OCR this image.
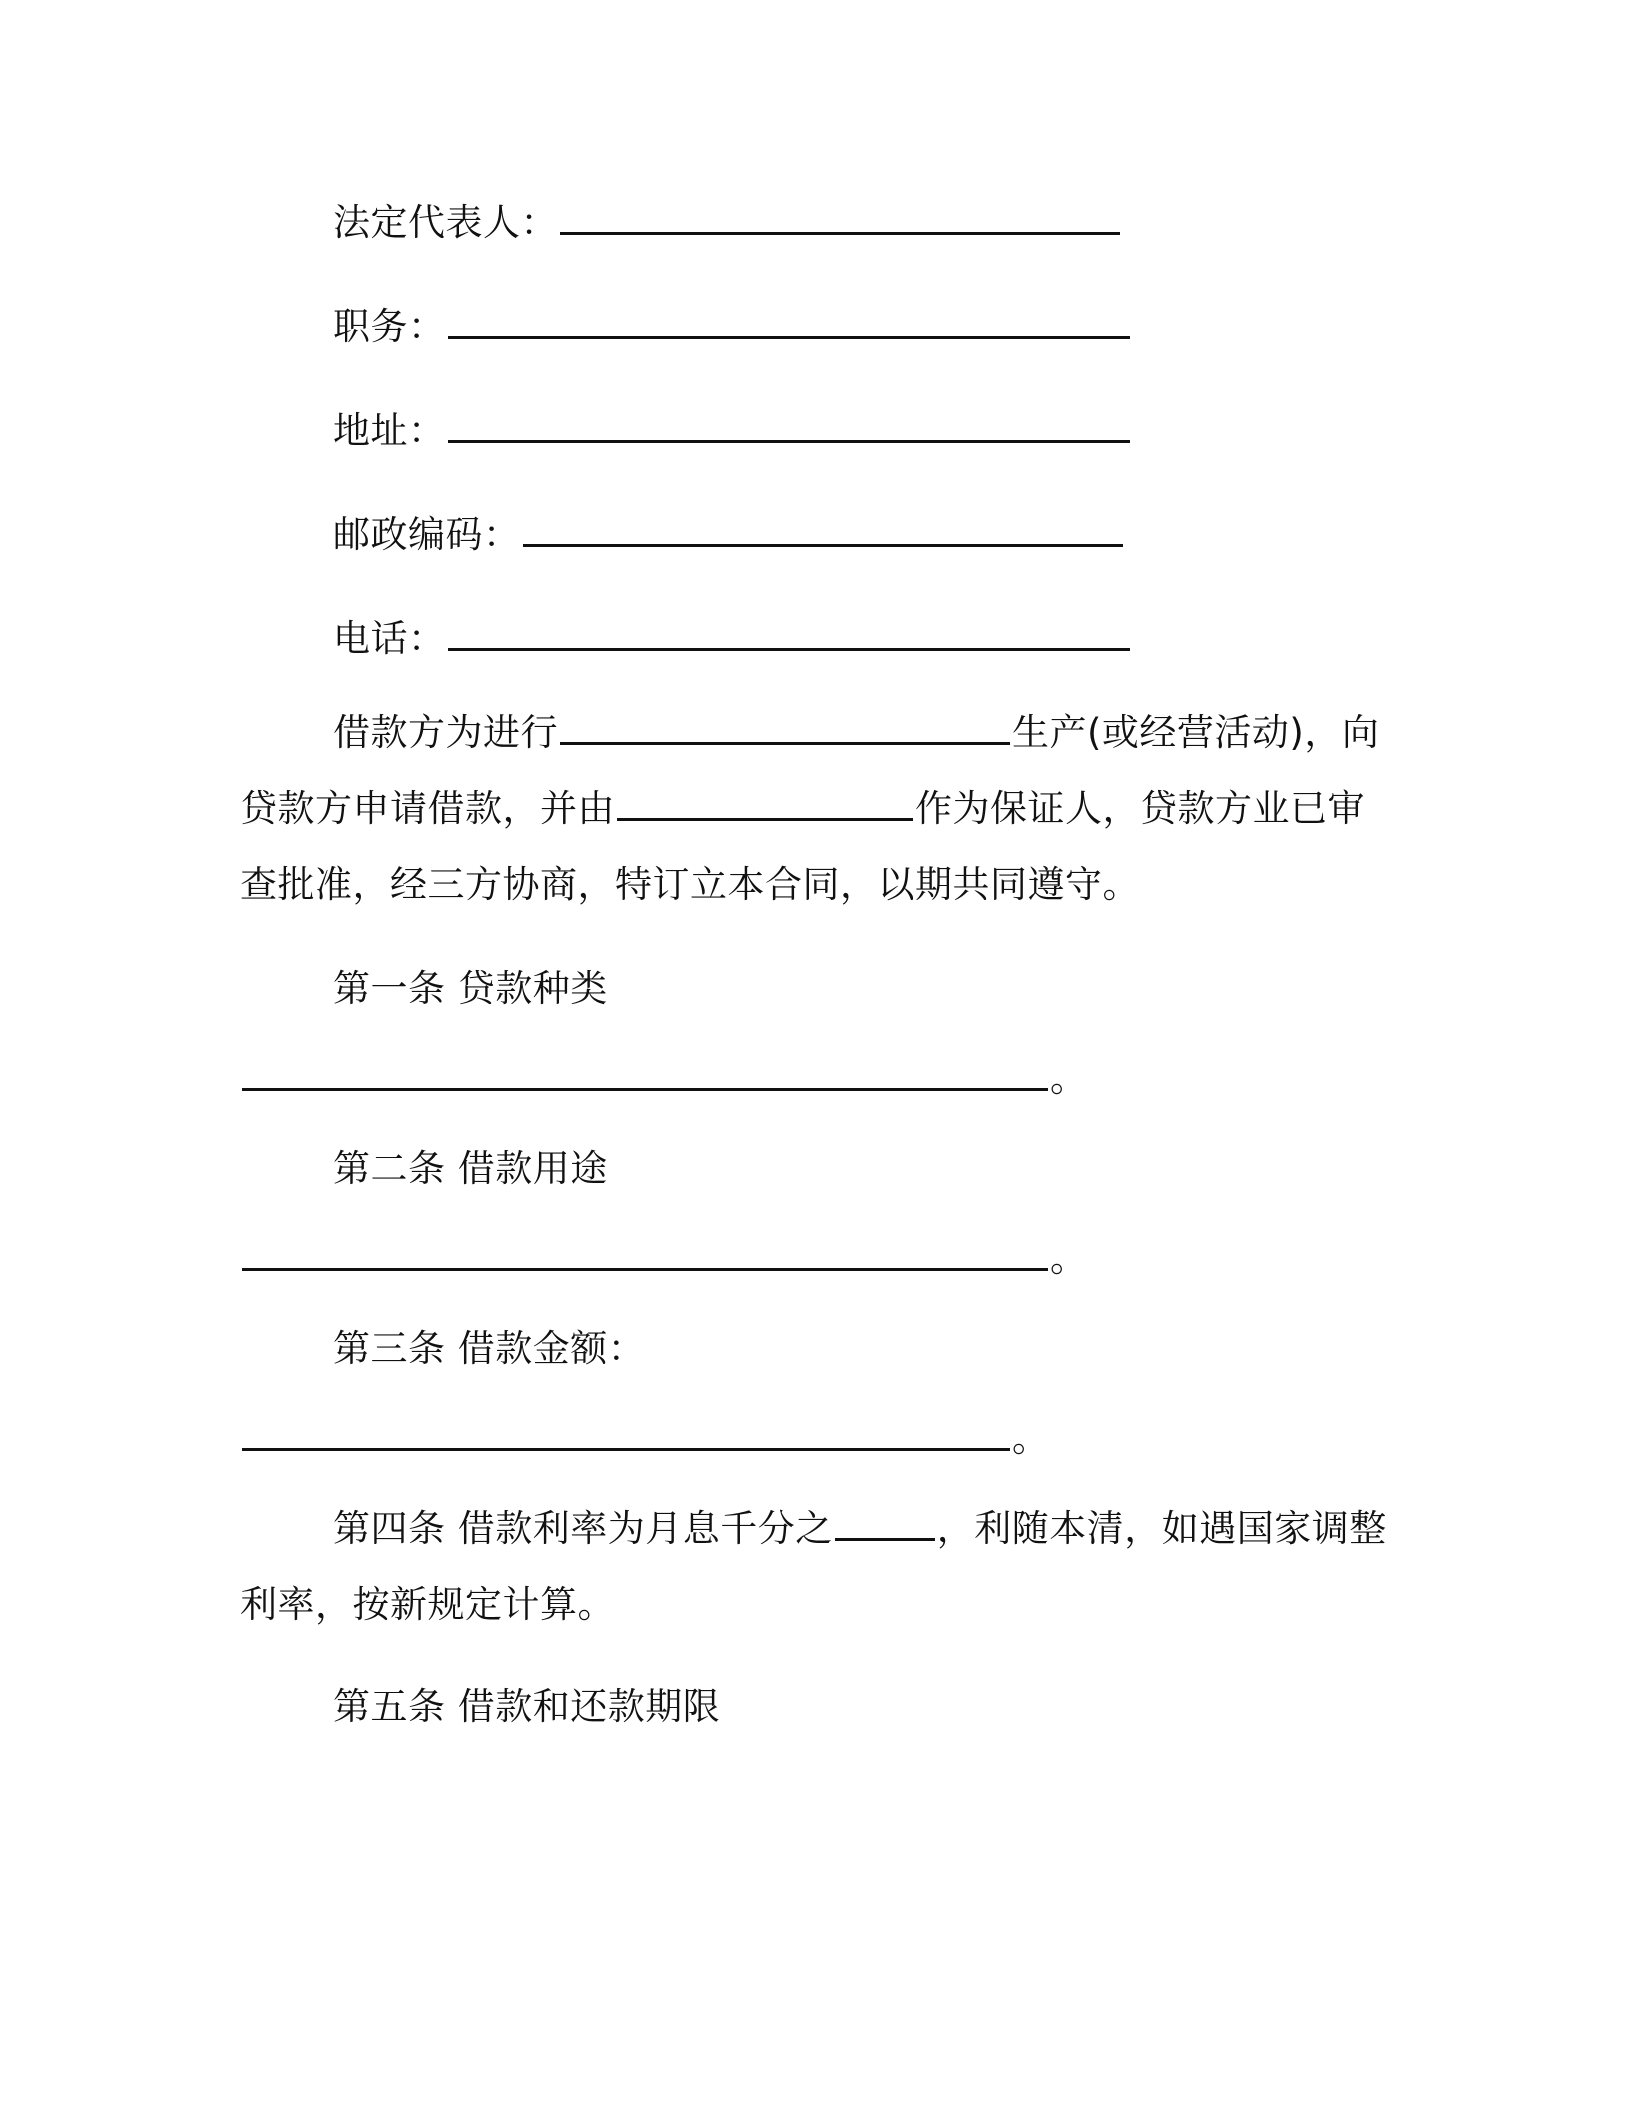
法定代表人：
职务：
地址：
邮政编码：
电话：
借款方为进行	生产(或经营活动)，向
贷款方申请借款，并由	作为保证人，贷款方业已审
查批准，经三方协商，特订立本合同，以期共同遵守。
第一条 贷款种类
。
第二条 借款用途
。
第三条 借款金额：
。
第四条 借款利率为月息千分之	，利随本清，如遇国家调整
利率，按新规定计算。
第五条 借款和还款期限
